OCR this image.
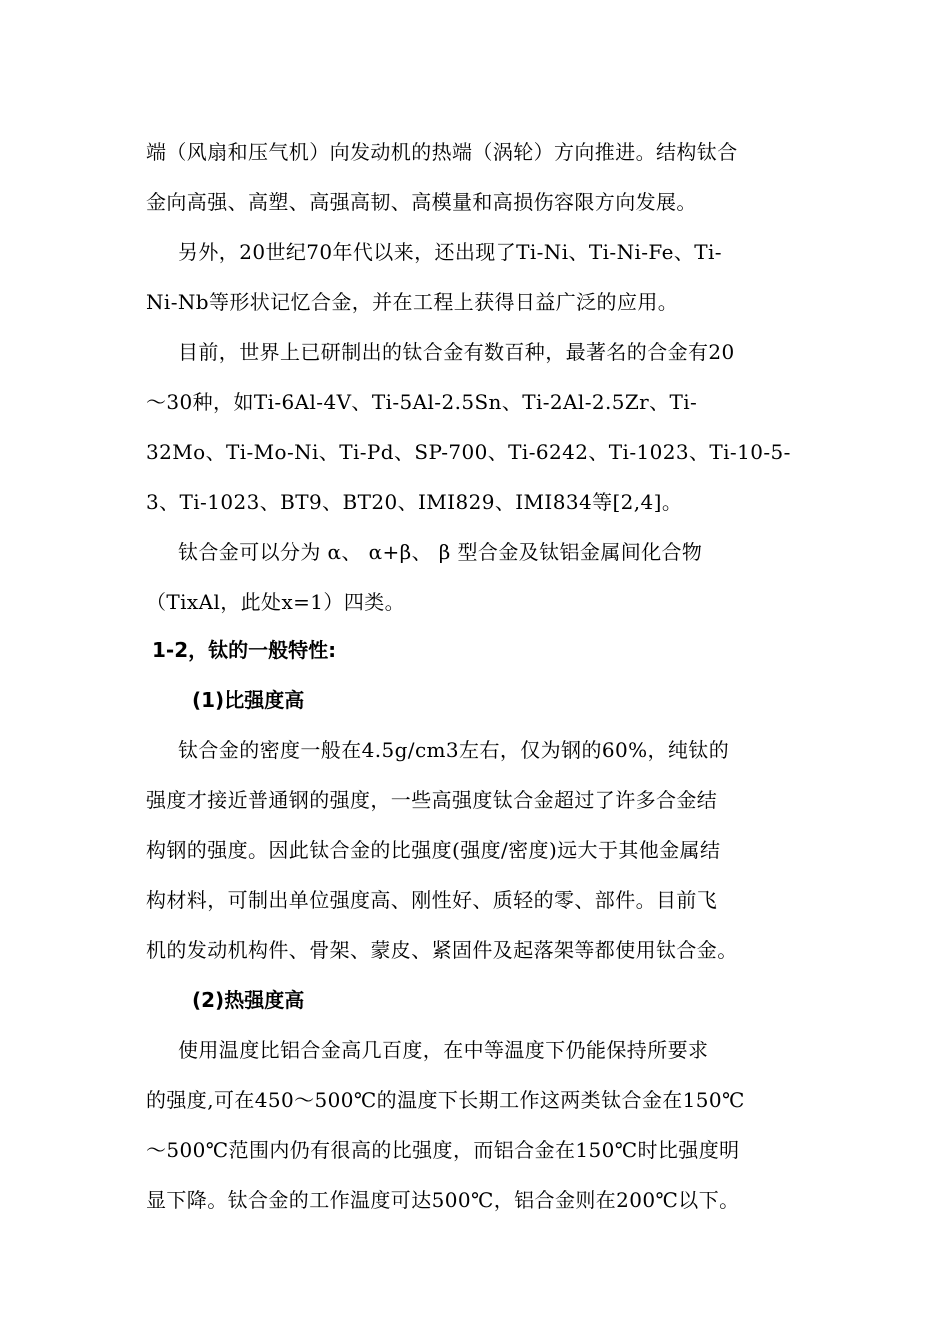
端（风扇和压气机）向发动机的热端（涡轮）方向推进。结构钛合
金向高强、高塑、高强高韧、高模量和高损伤容限方向发展。
另外，20世纪70年代以来，还出现了Ti-Ni、Ti-Ni-Fe、Ti-
Ni-Nb等形状记忆合金，并在工程上获得日益广泛的应用。
目前，世界上已研制出的钛合金有数百种，最著名的合金有20
～30种，如Ti-6Al-4V、Ti-5Al-2.5Sn、Ti-2Al-2.5Zr、Ti-
32Mo、Ti-Mo-Ni、Ti-Pd、SP-700、Ti-6242、Ti-1023、Ti-10-5-
3、Ti-1023、BT9、BT20、IMI829、IMI834等[2,4]。
钛合金可以分为 α、 α+β、 β 型合金及钛铝金属间化合物
（TixAl，此处x=1）四类。
1-2，钛的一般特性:
(1)比强度高
钛合金的密度一般在4.5g/cm3左右，仅为钢的60%，纯钛的
强度才接近普通钢的强度，一些高强度钛合金超过了许多合金结
构钢的强度。因此钛合金的比强度(强度/密度)远大于其他金属结
构材料，可制出单位强度高、刚性好、质轻的零、部件。目前飞
机的发动机构件、骨架、蒙皮、紧固件及起落架等都使用钛合金。
(2)热强度高
使用温度比铝合金高几百度，在中等温度下仍能保持所要求
的强度,可在450～500℃的温度下长期工作这两类钛合金在150℃
～500℃范围内仍有很高的比强度，而铝合金在150℃时比强度明
显下降。钛合金的工作温度可达500℃，铝合金则在200℃以下。
